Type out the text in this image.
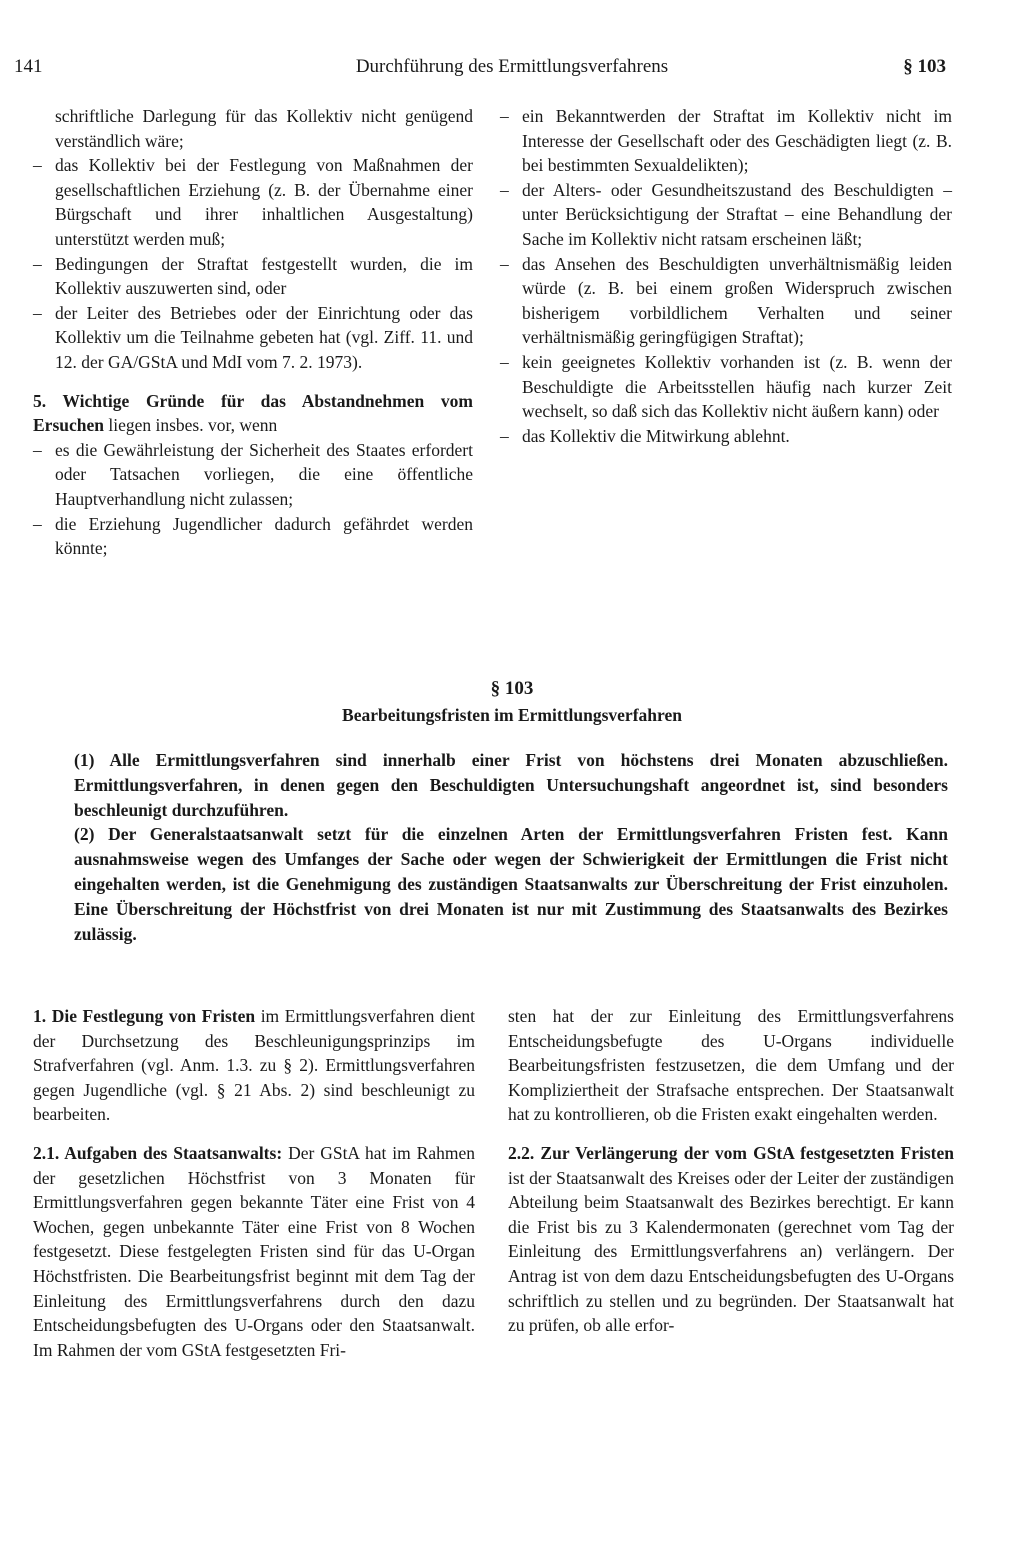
141	Durchführung des Ermittlungsverfahrens	§ 103

schriftliche Darlegung für das Kollektiv nicht genügend verständlich wäre;

– das Kollektiv bei der Festlegung von Maßnahmen der gesellschaftlichen Erziehung (z. B. der Übernahme einer Bürgschaft und ihrer inhaltlichen Ausgestaltung) unterstützt werden muß;

– Bedingungen der Straftat festgestellt wurden, die im Kollektiv auszuwerten sind, oder

– der Leiter des Betriebes oder der Einrichtung oder das Kollektiv um die Teilnahme gebeten hat (vgl. Ziff. 11. und 12. der GA/GStA und MdI vom 7. 2. 1973).

5. Wichtige Gründe für das Abstandnehmen vom Ersuchen liegen insbes. vor, wenn

– es die Gewährleistung der Sicherheit des Staates erfordert oder Tatsachen vorliegen, die eine öffentliche Hauptverhandlung nicht zulassen;

– die Erziehung Jugendlicher dadurch gefährdet werden könnte;

– ein Bekanntwerden der Straftat im Kollektiv nicht im Interesse der Gesellschaft oder des Geschädigten liegt (z. B. bei bestimmten Sexualdelikten);

– der Alters- oder Gesundheitszustand des Beschuldigten – unter Berücksichtigung der Straftat – eine Behandlung der Sache im Kollektiv nicht ratsam erscheinen läßt;

– das Ansehen des Beschuldigten unverhältnismäßig leiden würde (z. B. bei einem großen Widerspruch zwischen bisherigem vorbildlichem Verhalten und seiner verhältnismäßig geringfügigen Straftat);

– kein geeignetes Kollektiv vorhanden ist (z. B. wenn der Beschuldigte die Arbeitsstellen häufig nach kurzer Zeit wechselt, so daß sich das Kollektiv nicht äußern kann) oder

– das Kollektiv die Mitwirkung ablehnt.

§ 103
Bearbeitungsfristen im Ermittlungsverfahren

(1) Alle Ermittlungsverfahren sind innerhalb einer Frist von höchstens drei Monaten abzuschließen. Ermittlungsverfahren, in denen gegen den Beschuldigten Untersuchungshaft angeordnet ist, sind besonders beschleunigt durchzuführen.

(2) Der Generalstaatsanwalt setzt für die einzelnen Arten der Ermittlungsverfahren Fristen fest. Kann ausnahmsweise wegen des Umfanges der Sache oder wegen der Schwierigkeit der Ermittlungen die Frist nicht eingehalten werden, ist die Genehmigung des zuständigen Staatsanwalts zur Überschreitung der Frist einzuholen. Eine Überschreitung der Höchstfrist von drei Monaten ist nur mit Zustimmung des Staatsanwalts des Bezirkes zulässig.

1. Die Festlegung von Fristen im Ermittlungsverfahren dient der Durchsetzung des Beschleunigungsprinzips im Strafverfahren (vgl. Anm. 1.3. zu § 2). Ermittlungsverfahren gegen Jugendliche (vgl. § 21 Abs. 2) sind beschleunigt zu bearbeiten.

2.1. Aufgaben des Staatsanwalts: Der GStA hat im Rahmen der gesetzlichen Höchstfrist von 3 Monaten für Ermittlungsverfahren gegen bekannte Täter eine Frist von 4 Wochen, gegen unbekannte Täter eine Frist von 8 Wochen festgesetzt. Diese festgelegten Fristen sind für das U-Organ Höchstfristen. Die Bearbeitungsfrist beginnt mit dem Tag der Einleitung des Ermittlungsverfahrens durch den dazu Entscheidungsbefugten des U-Organs oder den Staatsanwalt. Im Rahmen der vom GStA festgesetzten Fri-

sten hat der zur Einleitung des Ermittlungsverfahrens Entscheidungsbefugte des U-Organs individuelle Bearbeitungsfristen festzusetzen, die dem Umfang und der Kompliziertheit der Strafsache entsprechen. Der Staatsanwalt hat zu kontrollieren, ob die Fristen exakt eingehalten werden.

2.2. Zur Verlängerung der vom GStA festgesetzten Fristen ist der Staatsanwalt des Kreises oder der Leiter der zuständigen Abteilung beim Staatsanwalt des Bezirkes berechtigt. Er kann die Frist bis zu 3 Kalendermonaten (gerechnet vom Tag der Einleitung des Ermittlungsverfahrens an) verlängern. Der Antrag ist von dem dazu Entscheidungsbefugten des U-Organs schriftlich zu stellen und zu begründen. Der Staatsanwalt hat zu prüfen, ob alle erfor-
